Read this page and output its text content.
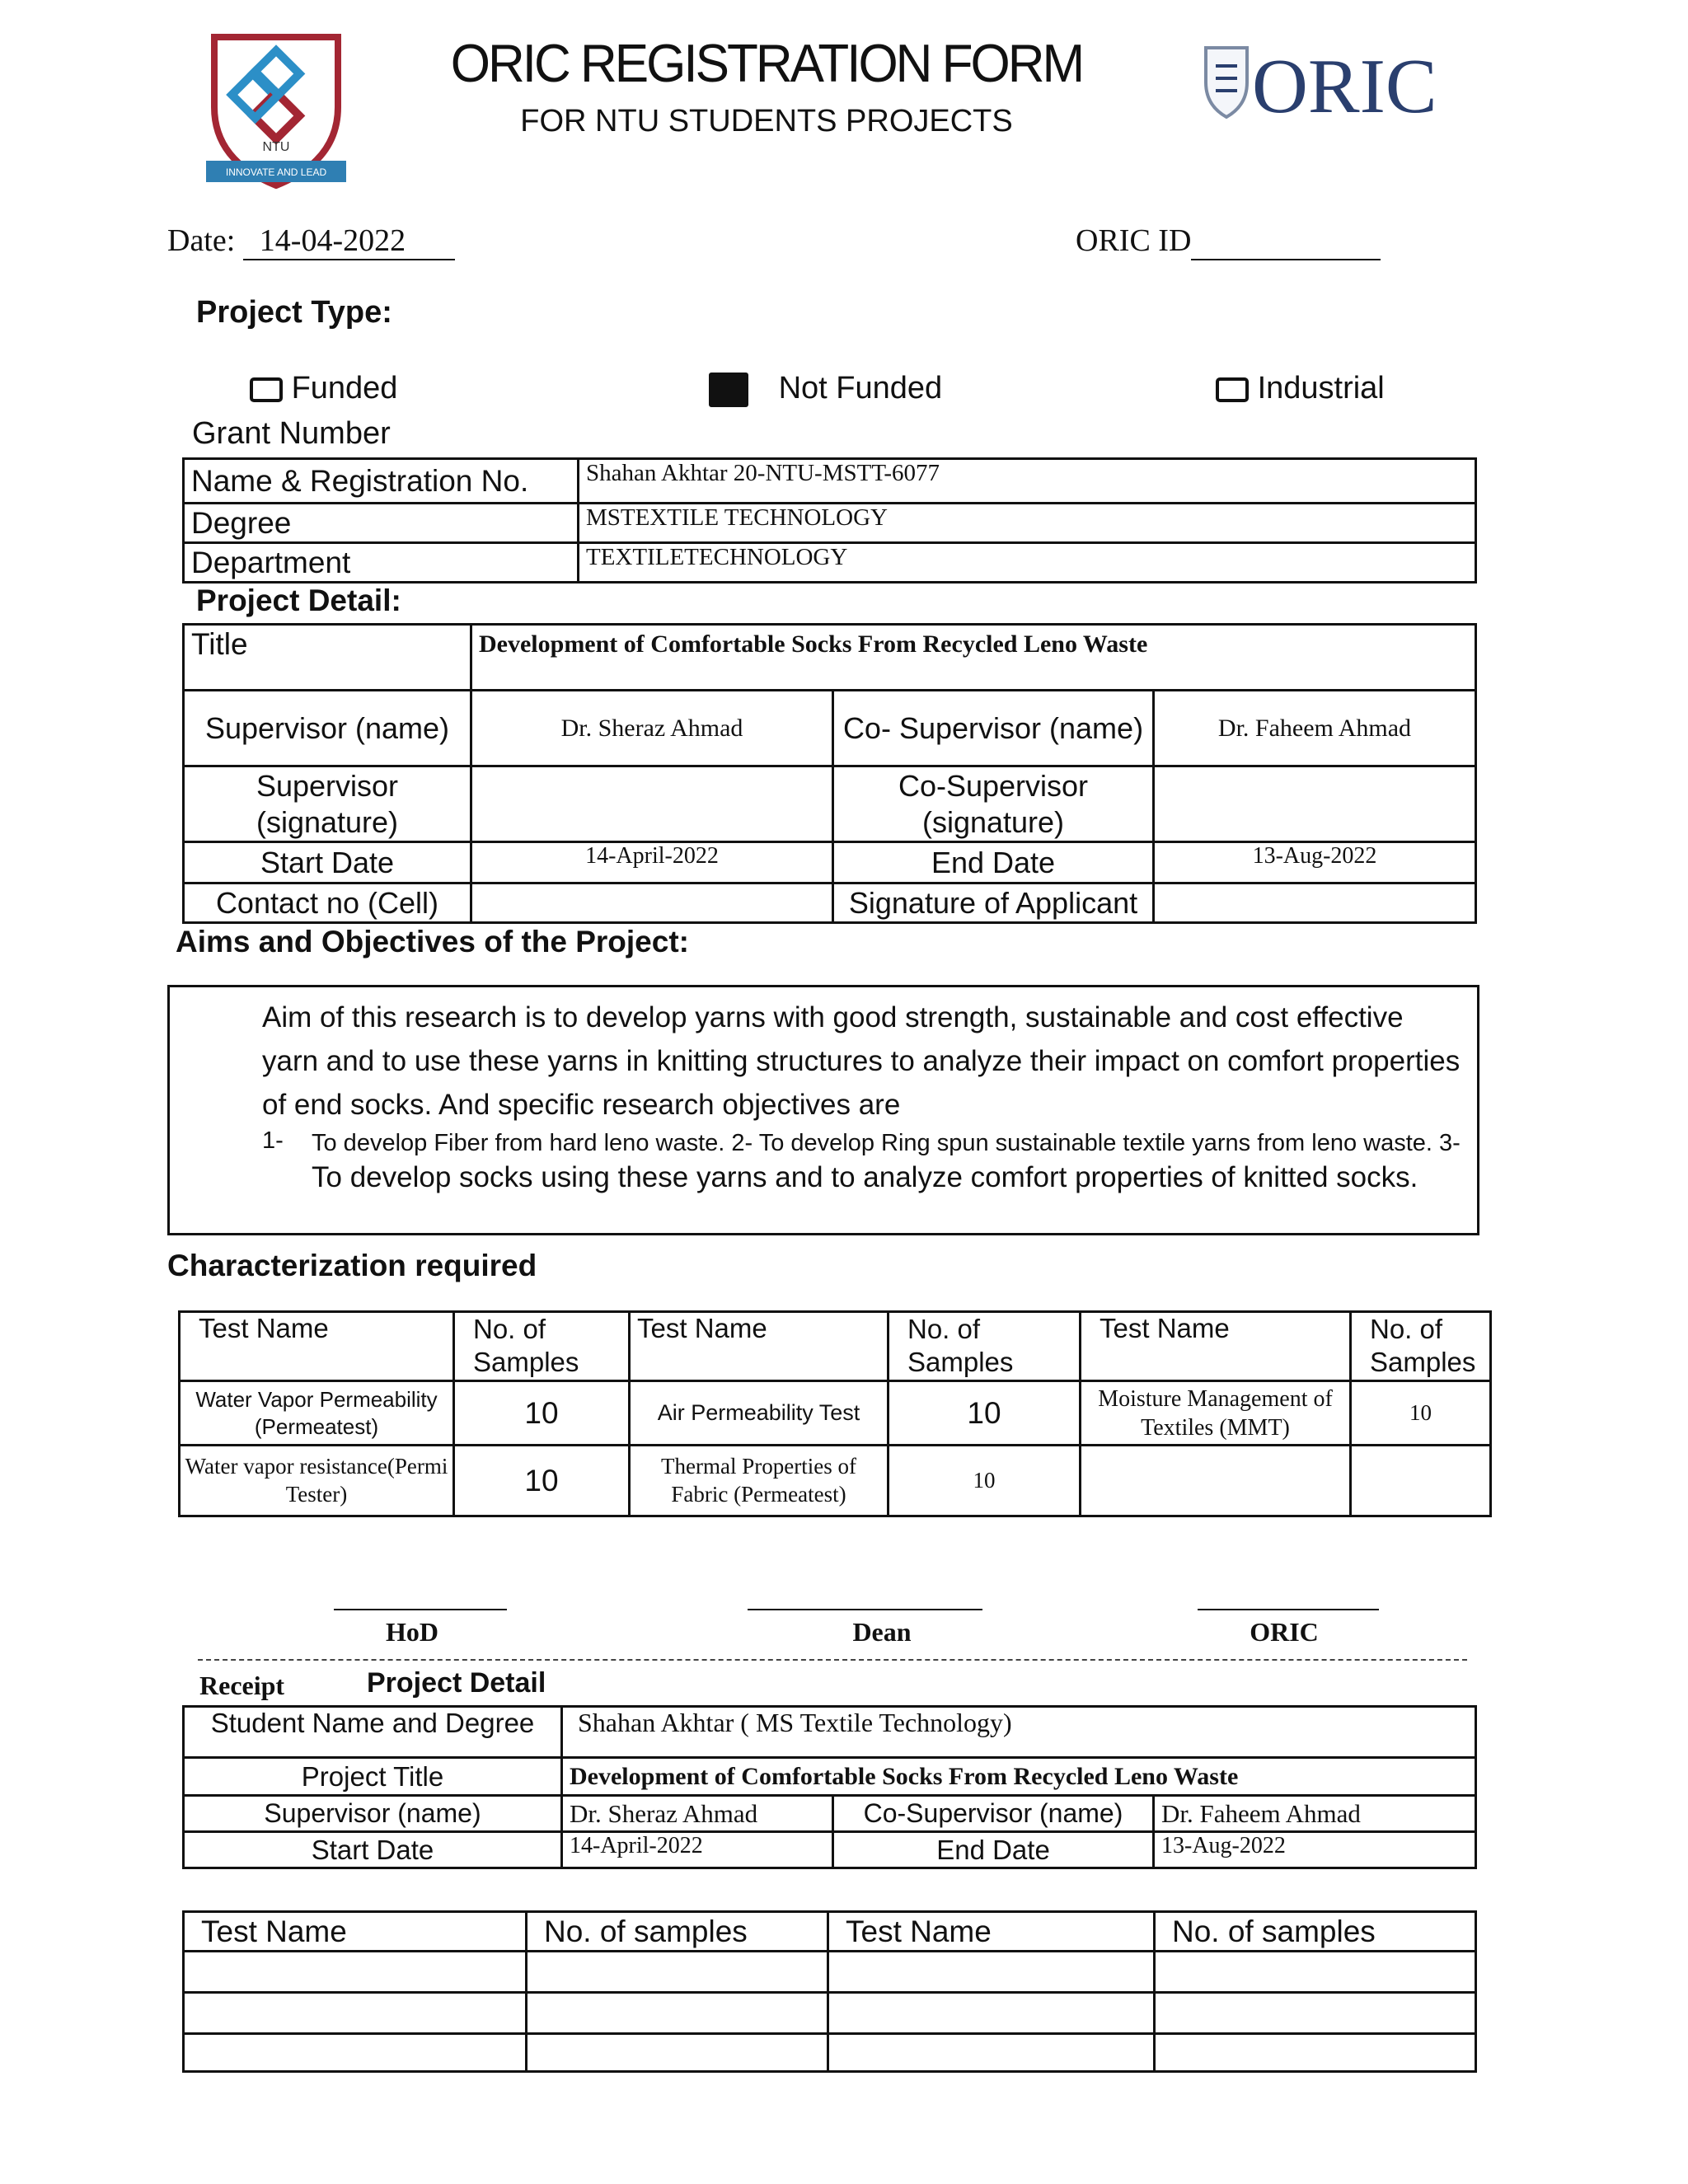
NTU
INNOVATE AND LEAD
ORIC REGISTRATION FORM
FOR NTU STUDENTS PROJECTS	ORIC
Date: 14-04-2022	ORIC ID
Project Type:
Funded	Not Funded	Industrial
Grant Number
Name & Registration No.	Shahan Akhtar 20-NTU-MSTT-6077
Degree	MSTEXTILE TECHNOLOGY
Department	TEXTILETECHNOLOGY
Project Detail:
Title	Development of Comfortable Socks From Recycled Leno Waste		
Supervisor (name)	Dr. Sheraz Ahmad	Co- Supervisor (name)	Dr. Faheem Ahmad
Supervisor (signature)		Co-Supervisor (signature)	
Start Date	14-April-2022	End Date	13-Aug-2022
Contact no (Cell)		Signature of Applicant	
Aims and Objectives of the Project:
Aim of this research is to develop yarns with good strength, sustainable and cost effective yarn and to use these yarns in knitting structures to analyze their impact on comfort properties of end socks. And specific research objectives are
1- To develop Fiber from hard leno waste. 2- To develop Ring spun sustainable textile yarns from leno waste. 3- To develop socks using these yarns and to analyze comfort properties of knitted socks.
Characterization required
Test Name	No. of Samples	Test Name	No. of Samples	Test Name	No. of Samples
Water Vapor Permeability (Permeatest)	10	Air Permeability Test	10	Moisture Management of Textiles (MMT)	10
Water vapor resistance(Permi Tester)	10	Thermal Properties of Fabric (Permeatest)	10		
HoD	Dean	ORIC
Receipt	Project Detail
Student Name and Degree	Shahan Akhtar ( MS Textile Technology)		
Project Title	Development of Comfortable Socks From Recycled Leno Waste		
Supervisor (name)	Dr. Sheraz Ahmad	Co-Supervisor (name)	Dr. Faheem Ahmad
Start Date	14-April-2022	End Date	13-Aug-2022
Test Name	No. of samples	Test Name	No. of samples
